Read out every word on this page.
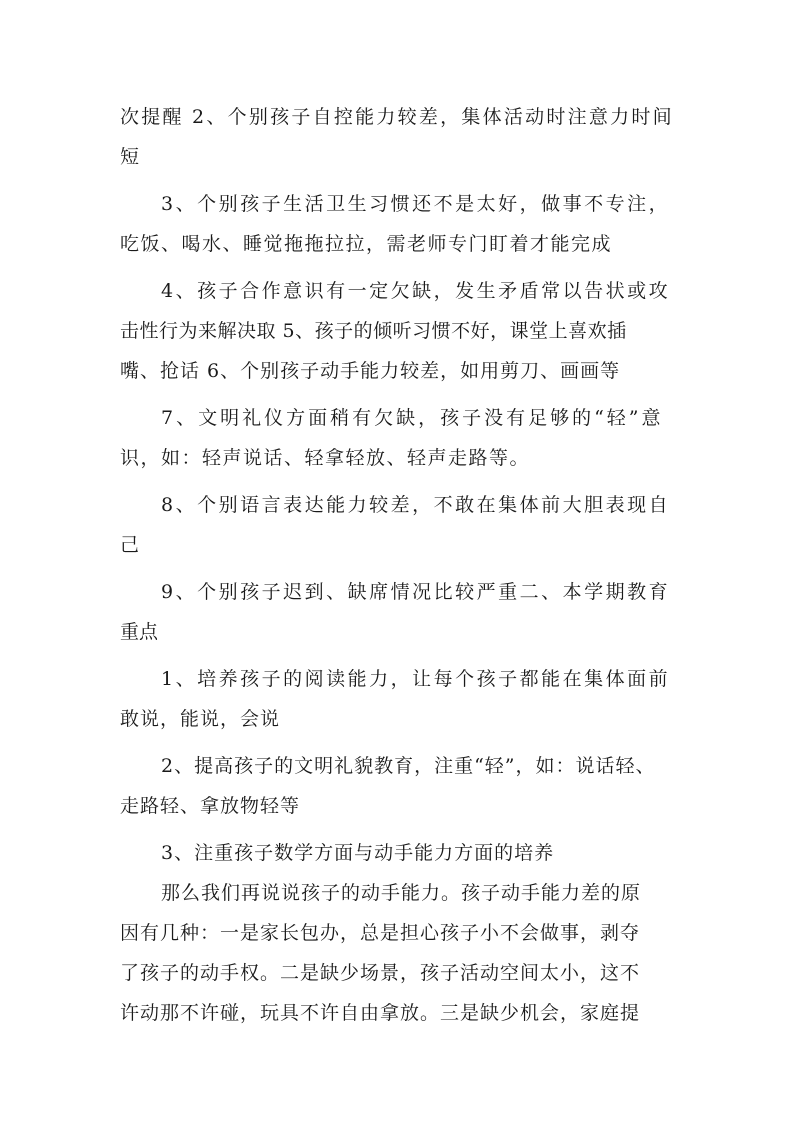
次提醒 2、个别孩子自控能力较差，集体活动时注意力时间
短
3、个别孩子生活卫生习惯还不是太好，做事不专注，
吃饭、喝水、睡觉拖拖拉拉，需老师专门盯着才能完成
4、孩子合作意识有一定欠缺，发生矛盾常以告状或攻
击性行为来解决取 5、孩子的倾听习惯不好，课堂上喜欢插
嘴、抢话 6、个别孩子动手能力较差，如用剪刀、画画等
7、文明礼仪方面稍有欠缺，孩子没有足够的“轻”意
识，如：轻声说话、轻拿轻放、轻声走路等。
8、个别语言表达能力较差，不敢在集体前大胆表现自
己
9、个别孩子迟到、缺席情况比较严重二、本学期教育
重点
1、培养孩子的阅读能力，让每个孩子都能在集体面前
敢说，能说，会说
2、提高孩子的文明礼貌教育，注重“轻”，如：说话轻、
走路轻、拿放物轻等
3、注重孩子数学方面与动手能力方面的培养
那么我们再说说孩子的动手能力。孩子动手能力差的原
因有几种：一是家长包办，总是担心孩子小不会做事，剥夺
了孩子的动手权。二是缺少场景，孩子活动空间太小，这不
许动那不许碰，玩具不许自由拿放。三是缺少机会，家庭提
